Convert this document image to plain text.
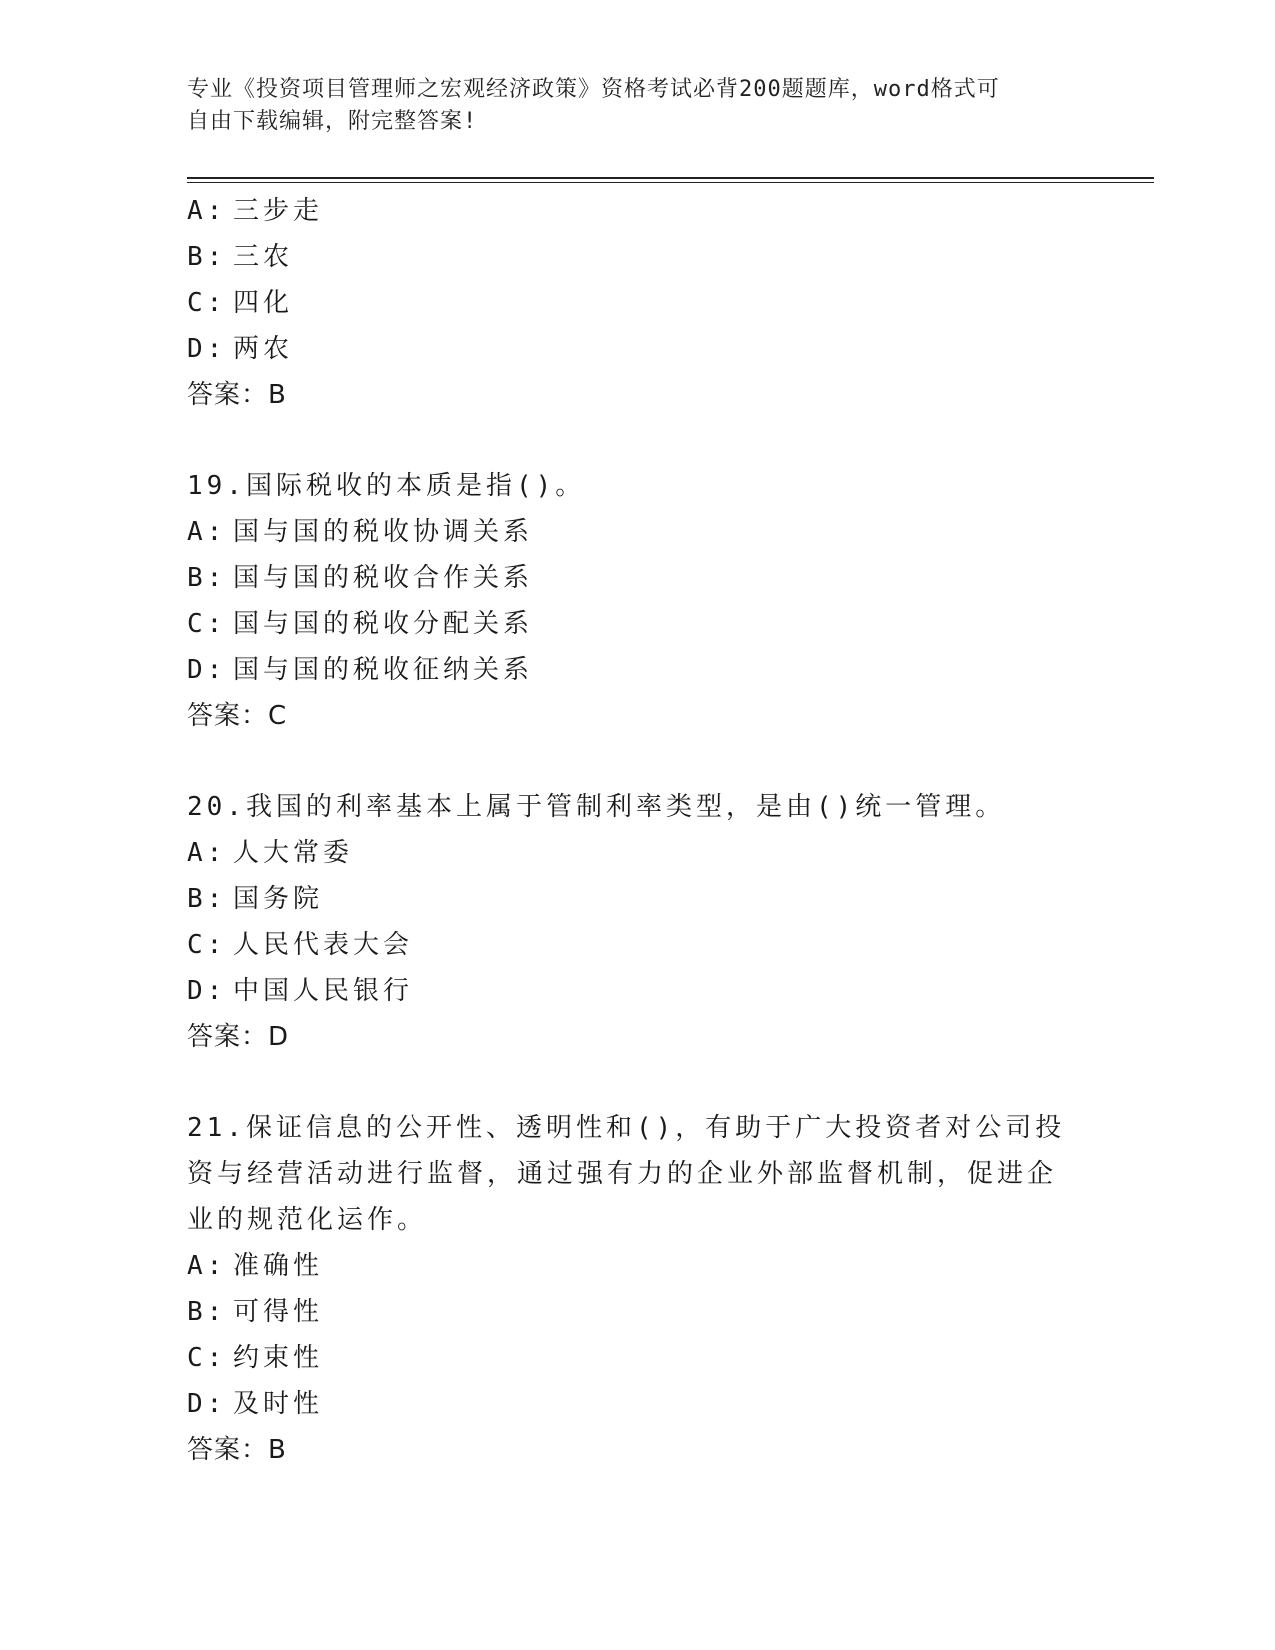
专业《投资项目管理师之宏观经济政策》资格考试必背200题题库，word格式可
自由下载编辑，附完整答案!
A: 三步走
B: 三农
C: 四化
D: 两农
答案：B
19.国际税收的本质是指()。
A: 国与国的税收协调关系
B: 国与国的税收合作关系
C: 国与国的税收分配关系
D: 国与国的税收征纳关系
答案：C
20.我国的利率基本上属于管制利率类型，是由()统一管理。
A: 人大常委
B: 国务院
C: 人民代表大会
D: 中国人民银行
答案：D
21.保证信息的公开性、透明性和()，有助于广大投资者对公司投资与经营活动进行监督，通过强有力的企业外部监督机制，促进企业的规范化运作。
A: 准确性
B: 可得性
C: 约束性
D: 及时性
答案：B
